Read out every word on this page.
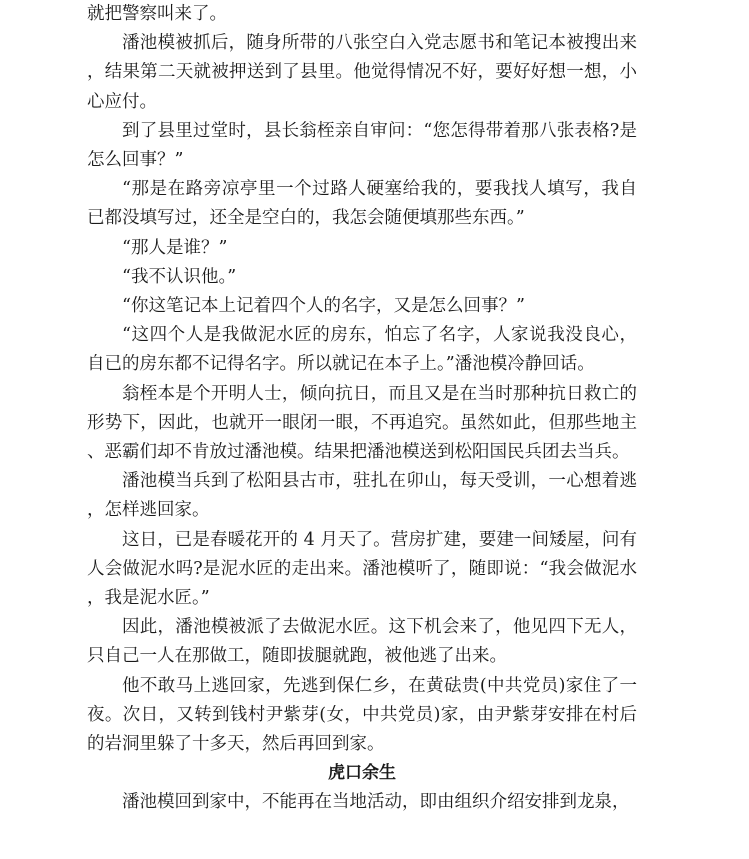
就把警察叫来了。

潘池模被抓后，随身所带的八张空白入党志愿书和笔记本被搜出来，结果第二天就被押送到了县里。他觉得情况不好，要好好想一想，小心应付。

到了县里过堂时，县长翁桎亲自审问：“您怎得带着那八张表格?是怎么回事？”

“那是在路旁凉亭里一个过路人硬塞给我的，要我找人填写，我自已都没填写过，还全是空白的，我怎会随便填那些东西。”

“那人是谁？”

“我不认识他。”

“你这笔记本上记着四个人的名字，又是怎么回事？”

“这四个人是我做泥水匠的房东，怕忘了名字，人家说我没良心，自已的房东都不记得名字。所以就记在本子上。”潘池模冷静回话。

翁桎本是个开明人士，倾向抗日，而且又是在当时那种抗日救亡的形势下，因此，也就开一眼闭一眼，不再追究。虽然如此，但那些地主、恶霸们却不肯放过潘池模。结果把潘池模送到松阳国民兵团去当兵。

潘池模当兵到了松阳县古市，驻扎在卯山，每天受训，一心想着逃，怎样逃回家。

这日，已是春暖花开的 4 月天了。营房扩建，要建一间矮屋，问有人会做泥水吗?是泥水匠的走出来。潘池模听了，随即说：“我会做泥水，我是泥水匠。”

因此，潘池模被派了去做泥水匠。这下机会来了，他见四下无人，只自己一人在那做工，随即拔腿就跑，被他逃了出来。

他不敢马上逃回家，先逃到保仁乡，在黄砝贵(中共党员)家住了一夜。次日，又转到钱村尹紫芽(女，中共党员)家，由尹紫芽安排在村后的岩洞里躲了十多天，然后再回到家。

虎口余生

潘池模回到家中，不能再在当地活动，即由组织介绍安排到龙泉，
